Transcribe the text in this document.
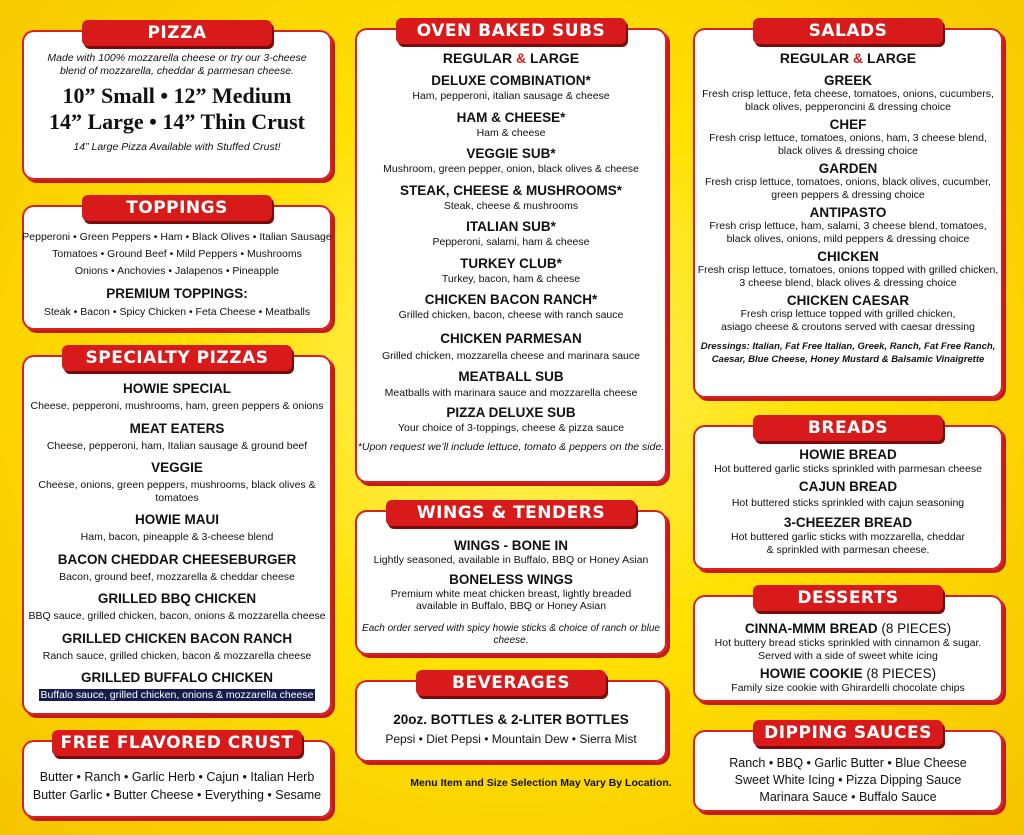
PIZZA
Made with 100% mozzarella cheese or try our 3-cheese blend of mozzarella, cheddar & parmesan cheese.
10” Small • 12” Medium
14” Large • 14” Thin Crust
14” Large Pizza Available with Stuffed Crust!
TOPPINGS
Pepperoni • Green Peppers • Ham • Black Olives • Italian Sausage
Tomatoes • Ground Beef • Mild Peppers • Mushrooms
Onions • Anchovies • Jalapenos • Pineapple
PREMIUM TOPPINGS:
Steak • Bacon • Spicy Chicken • Feta Cheese • Meatballs
SPECIALTY PIZZAS
HOWIE SPECIAL
Cheese, pepperoni, mushrooms, ham, green peppers & onions
MEAT EATERS
Cheese, pepperoni, ham, Italian sausage & ground beef
VEGGIE
Cheese, onions, green peppers, mushrooms, black olives & tomatoes
HOWIE MAUI
Ham, bacon, pineapple & 3-cheese blend
BACON CHEDDAR CHEESEBURGER
Bacon, ground beef, mozzarella & cheddar cheese
GRILLED BBQ CHICKEN
BBQ sauce, grilled chicken, bacon, onions & mozzarella cheese
GRILLED CHICKEN BACON RANCH
Ranch sauce, grilled chicken, bacon & mozzarella cheese
GRILLED BUFFALO CHICKEN
Buffalo sauce, grilled chicken, onions & mozzarella cheese
FREE FLAVORED CRUST
Butter • Ranch • Garlic Herb • Cajun • Italian Herb
Butter Garlic • Butter Cheese • Everything • Sesame
OVEN BAKED SUBS
REGULAR & LARGE
DELUXE COMBINATION*
Ham, pepperoni, italian sausage & cheese
HAM & CHEESE*
Ham & cheese
VEGGIE SUB*
Mushroom, green pepper, onion, black olives & cheese
STEAK, CHEESE & MUSHROOMS*
Steak, cheese & mushrooms
ITALIAN SUB*
Pepperoni, salami, ham & cheese
TURKEY CLUB*
Turkey, bacon, ham & cheese
CHICKEN BACON RANCH*
Grilled chicken, bacon, cheese with ranch sauce
CHICKEN PARMESAN
Grilled chicken, mozzarella cheese and marinara sauce
MEATBALL SUB
Meatballs with marinara sauce and mozzarella cheese
PIZZA DELUXE SUB
Your choice of 3-toppings, cheese & pizza sauce
*Upon request we’ll include lettuce, tomato & peppers on the side.
WINGS & TENDERS
WINGS - BONE IN
Lightly seasoned, available in Buffalo, BBQ or Honey Asian
BONELESS WINGS
Premium white meat chicken breast, lightly breaded
available in Buffalo, BBQ or Honey Asian
Each order served with spicy howie sticks & choice of ranch or blue cheese.
BEVERAGES
20oz. BOTTLES & 2-LITER BOTTLES
Pepsi • Diet Pepsi • Mountain Dew • Sierra Mist
Menu Item and Size Selection May Vary By Location.
SALADS
REGULAR & LARGE
GREEK
Fresh crisp lettuce, feta cheese, tomatoes, onions, cucumbers,
black olives, pepperoncini & dressing choice
CHEF
Fresh crisp lettuce, tomatoes, onions, ham, 3 cheese blend,
black olives & dressing choice
GARDEN
Fresh crisp lettuce, tomatoes, onions, black olives, cucumber,
green peppers & dressing choice
ANTIPASTO
Fresh crisp lettuce, ham, salami, 3 cheese blend, tomatoes,
black olives, onions, mild peppers & dressing choice
CHICKEN
Fresh crisp lettuce, tomatoes, onions topped with grilled chicken,
3 cheese blend, black olives & dressing choice
CHICKEN CAESAR
Fresh crisp lettuce topped with grilled chicken,
asiago cheese & croutons served with caesar dressing
Dressings: Italian, Fat Free Italian, Greek, Ranch, Fat Free Ranch,
Caesar, Blue Cheese, Honey Mustard & Balsamic Vinaigrette
BREADS
HOWIE BREAD
Hot buttered garlic sticks sprinkled with parmesan cheese
CAJUN BREAD
Hot buttered sticks sprinkled with cajun seasoning
3-CHEEZER BREAD
Hot buttered garlic sticks with mozzarella, cheddar
& sprinkled with parmesan cheese.
DESSERTS
CINNA-MMM BREAD (8 PIECES)
Hot buttery bread sticks sprinkled with cinnamon & sugar.
Served with a side of sweet white icing
HOWIE COOKIE (8 PIECES)
Family size cookie with Ghirardelli chocolate chips
DIPPING SAUCES
Ranch • BBQ • Garlic Butter • Blue Cheese
Sweet White Icing • Pizza Dipping Sauce
Marinara Sauce • Buffalo Sauce
